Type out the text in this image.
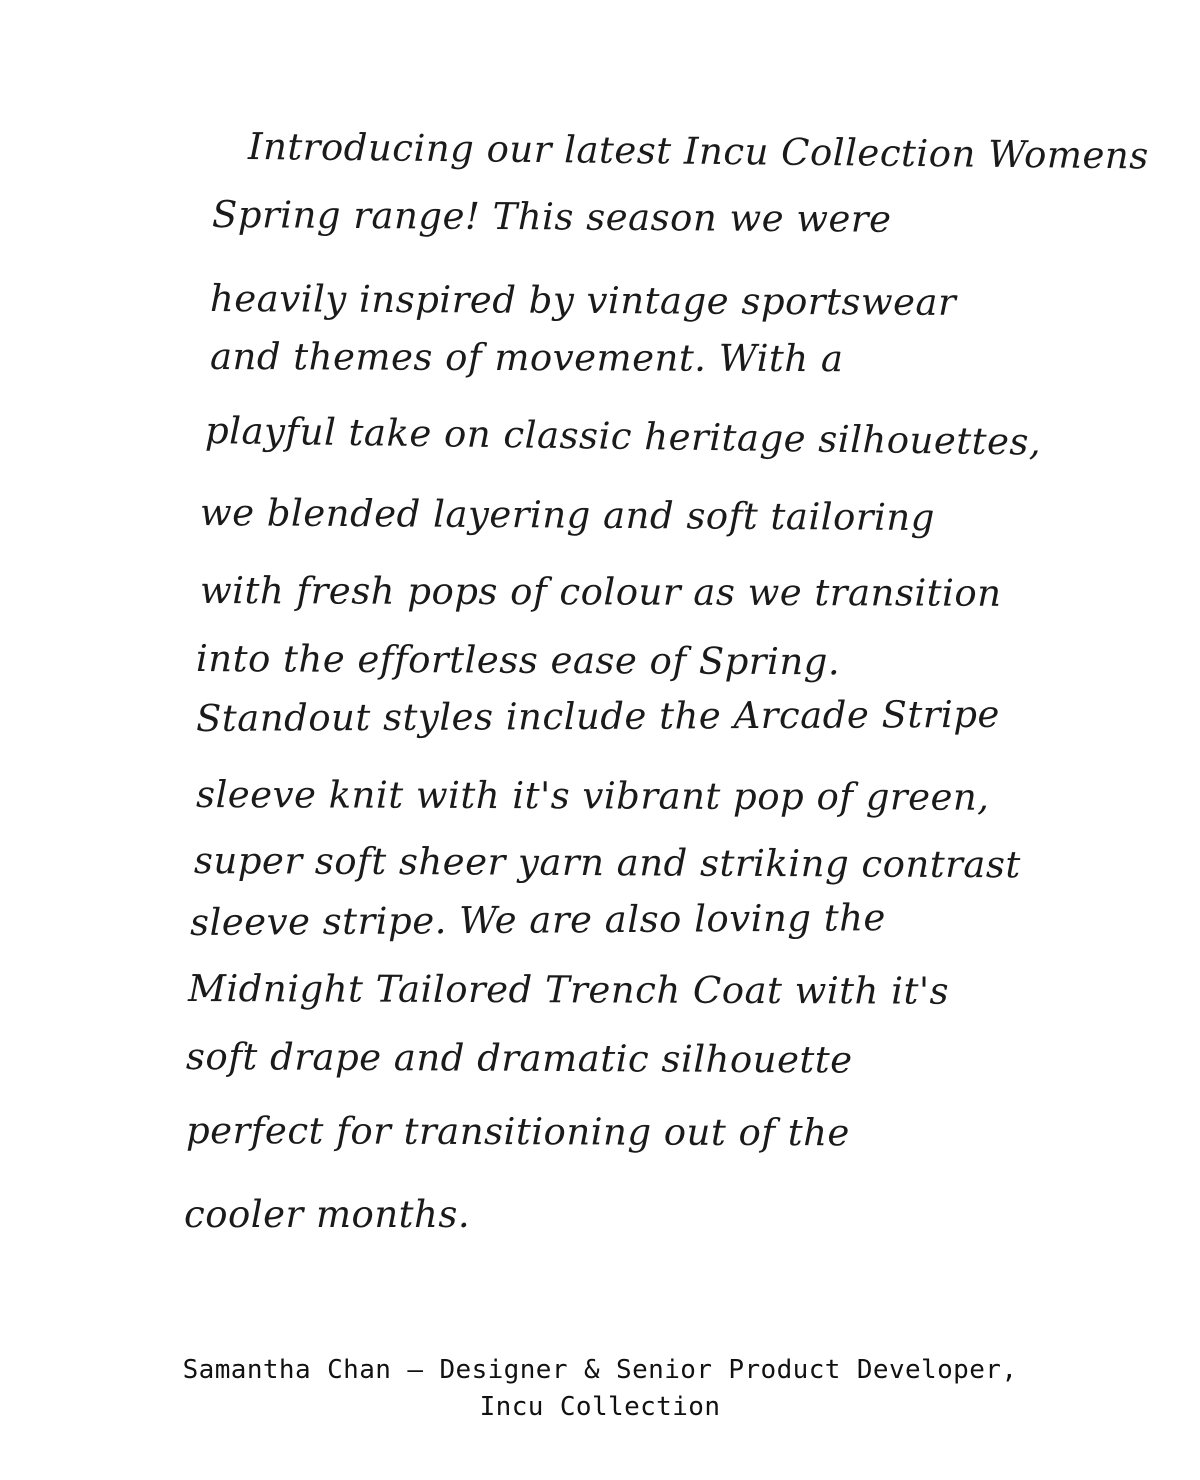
Introducing our latest Incu Collection Womens
Spring range! This season we were
heavily inspired by vintage sportswear
and themes of movement. With a
playful take on classic heritage silhouettes,
we blended layering and soft tailoring
with fresh pops of colour as we transition
into the effortless ease of Spring.
Standout styles include the Arcade Stripe
sleeve knit with it's vibrant pop of green,
super soft sheer yarn and striking contrast
sleeve stripe. We are also loving the
Midnight Tailored Trench Coat with it's
soft drape and dramatic silhouette
perfect for transitioning out of the
cooler months.
Samantha Chan — Designer & Senior Product Developer,
Incu Collection
